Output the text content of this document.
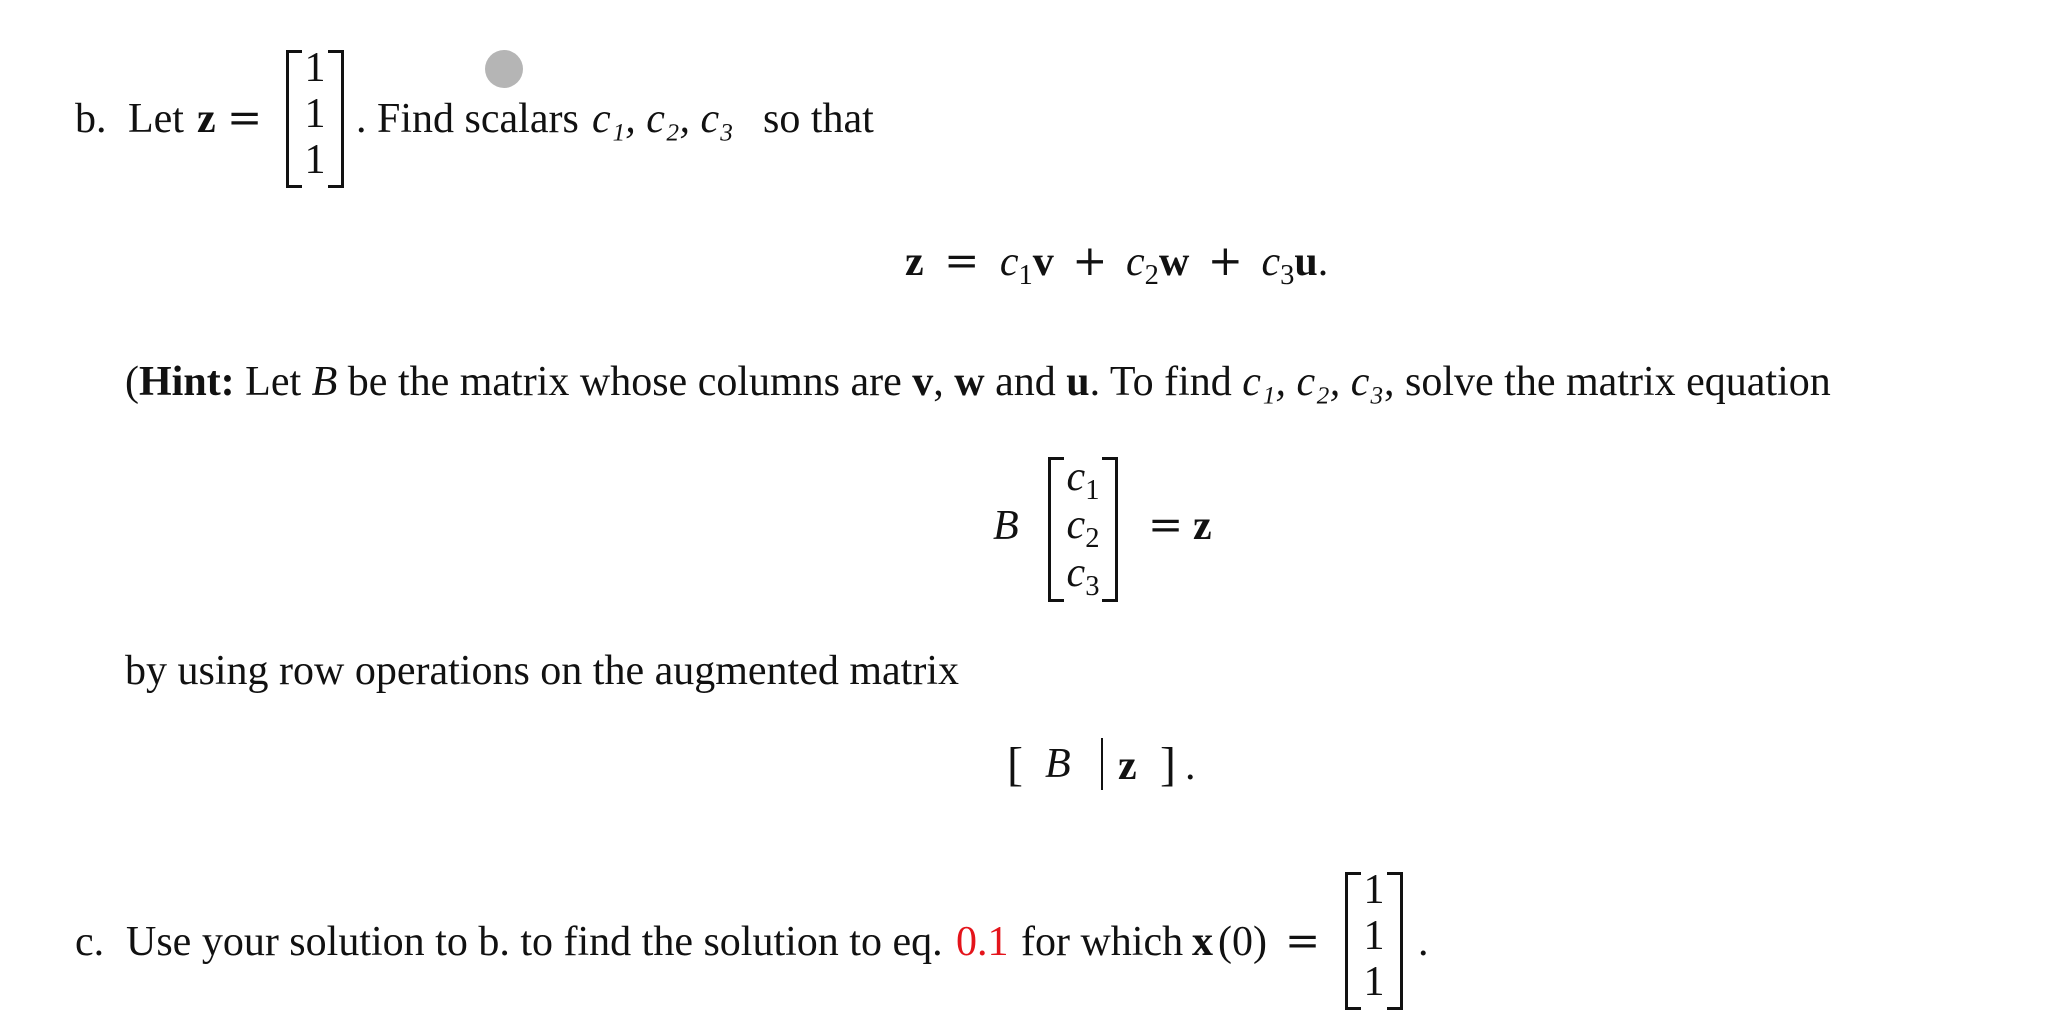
b. Let z =
1
1
1
. Find scalars c₁, c₂, c₃ so that
$z = c_1v + c_2w + c_3u$.
(Hint: Let B be the matrix whose columns are v, w and u. To find c₁, c₂, c₃, solve the matrix equation
B
$c_1$
$c_2$
$c_3$
= z
by using row operations on the augmented matrix
[ B z ] .
c. Use your solution to b. to find the solution to eq. 0.1 for which x (0) =
1
1
1
.
